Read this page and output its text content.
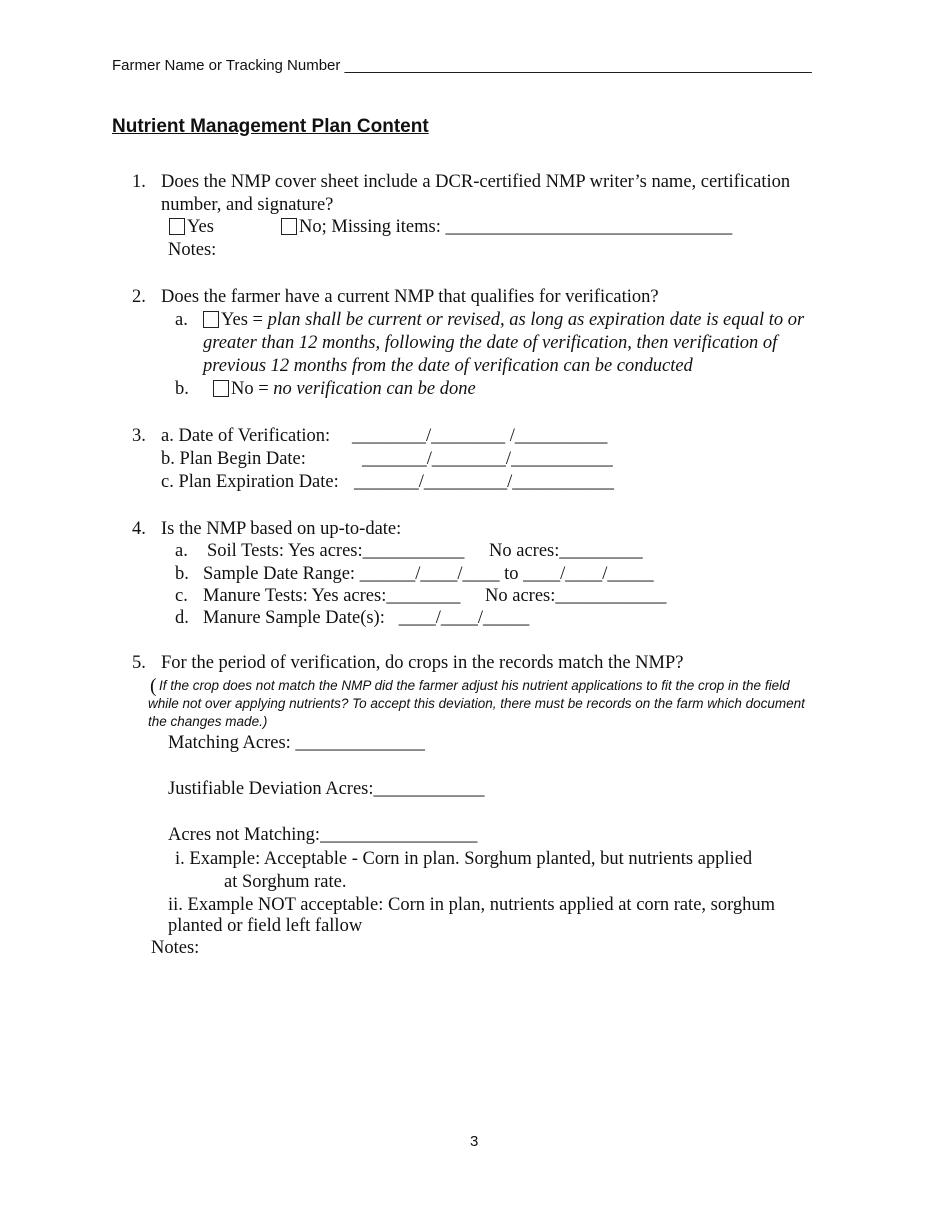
Farmer Name or Tracking Number ________________________________________________________
Nutrient Management Plan Content
1. Does the NMP cover sheet include a DCR-certified NMP writer’s name, certification
number, and signature?
Yes	No; Missing items: _______________________________
Notes:
2. Does the farmer have a current NMP that qualifies for verification?
a.	Yes = plan shall be current or revised, as long as expiration date is equal to or
greater than 12 months, following the date of verification, then verification of
previous 12 months from the date of verification can be conducted
b.	No = no verification can be done
3. a. Date of Verification: ________/________ /__________
b. Plan Begin Date:	_______/________/___________
c. Plan Expiration Date: _______/_________/___________
4. Is the NMP based on up-to-date:
a. Soil Tests: Yes acres:___________ No acres:_________
b. Sample Date Range: ______/____/____ to ____/____/_____
c. Manure Tests: Yes acres:________ No acres:____________
d. Manure Sample Date(s):   ____/____/_____
5. For the period of verification, do crops in the records match the NMP?
( If the crop does not match the NMP did the farmer adjust his nutrient applications to fit the crop in the field
while not over applying nutrients? To accept this deviation, there must be records on the farm which document
the changes made.)
Matching Acres: ______________
Justifiable Deviation Acres:____________
Acres not Matching:_________________
i. Example: Acceptable - Corn in plan. Sorghum planted, but nutrients applied
at Sorghum rate.
ii. Example NOT acceptable: Corn in plan, nutrients applied at corn rate, sorghum
planted or field left fallow
Notes:
3
